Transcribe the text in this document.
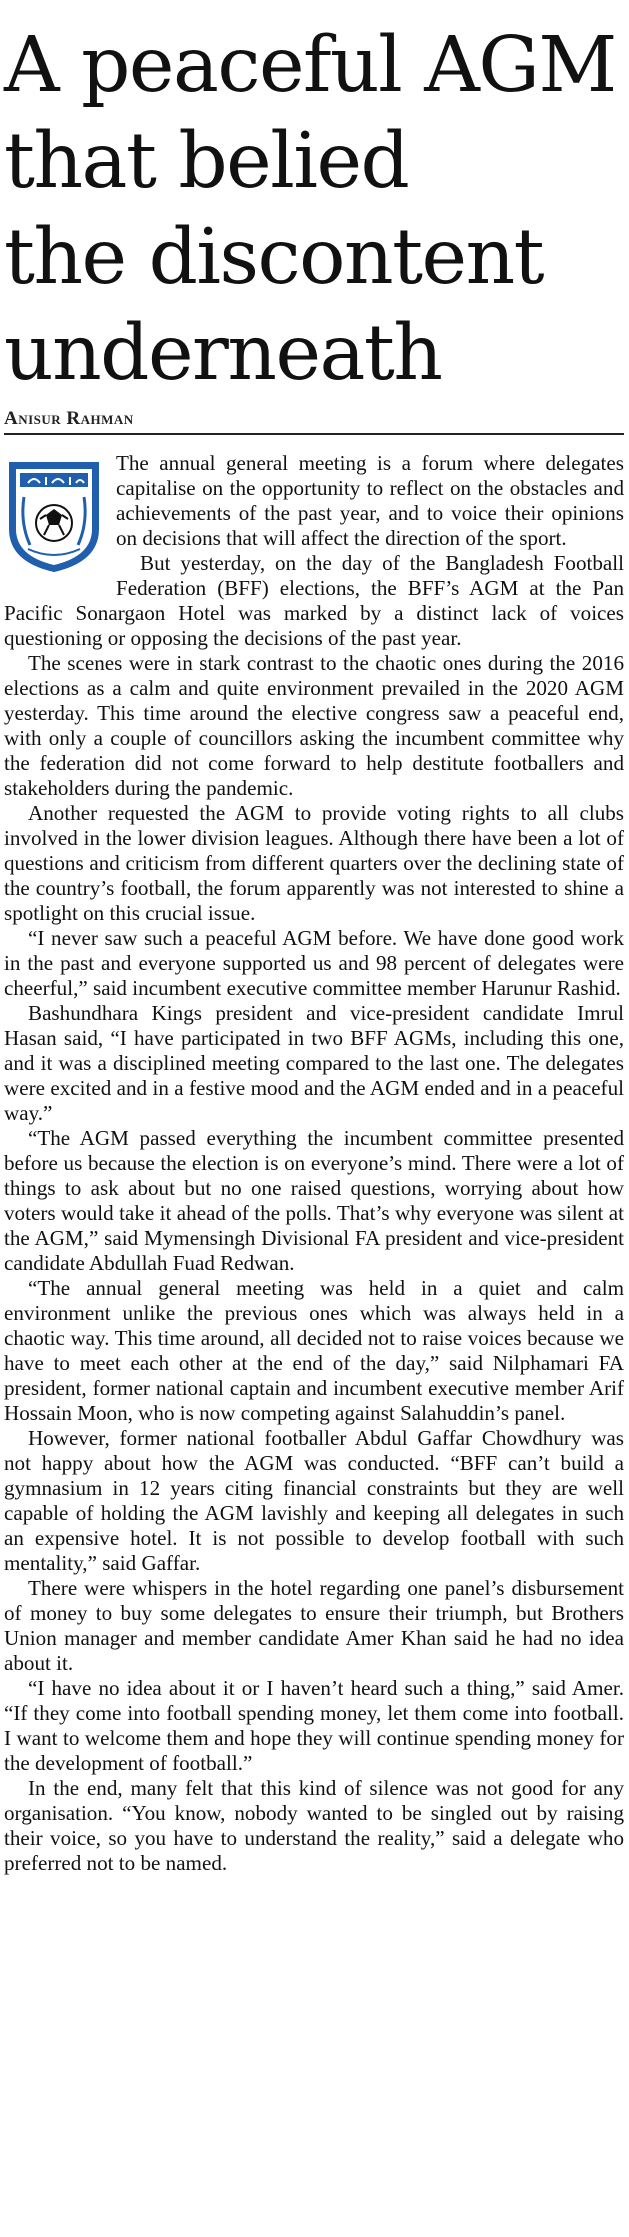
A peaceful AGM
that belied
the discontent
underneath
Anisur Rahman

The annual general meeting is a forum where delegates capitalise on the opportunity to reflect on the obstacles and achievements of the past year, and to voice their opinions on decisions that will affect the direction of the sport.

But yesterday, on the day of the Bangladesh Football Federation (BFF) elections, the BFF’s AGM at the Pan Pacific Sonargaon Hotel was marked by a distinct lack of voices questioning or opposing the decisions of the past year.

The scenes were in stark contrast to the chaotic ones during the 2016 elections as a calm and quite environment prevailed in the 2020 AGM yesterday. This time around the elective congress saw a peaceful end, with only a couple of councillors asking the incumbent committee why the federation did not come forward to help destitute footballers and stakeholders during the pandemic.

Another requested the AGM to provide voting rights to all clubs involved in the lower division leagues. Although there have been a lot of questions and criticism from different quarters over the declining state of the country’s football, the forum apparently was not interested to shine a spotlight on this crucial issue.

“I never saw such a peaceful AGM before. We have done good work in the past and everyone supported us and 98 percent of delegates were cheerful,” said incumbent executive committee member Harunur Rashid.

Bashundhara Kings president and vice-president candidate Imrul Hasan said, “I have participated in two BFF AGMs, including this one, and it was a disciplined meeting compared to the last one. The delegates were excited and in a festive mood and the AGM ended and in a peaceful way.”

“The AGM passed everything the incumbent committee presented before us because the election is on everyone’s mind. There were a lot of things to ask about but no one raised questions, worrying about how voters would take it ahead of the polls. That’s why everyone was silent at the AGM,” said Mymensingh Divisional FA president and vice-president candidate Abdullah Fuad Redwan.

“The annual general meeting was held in a quiet and calm environment unlike the previous ones which was always held in a chaotic way. This time around, all decided not to raise voices because we have to meet each other at the end of the day,” said Nilphamari FA president, former national captain and incumbent executive member Arif Hossain Moon, who is now competing against Salahuddin’s panel.

However, former national footballer Abdul Gaffar Chowdhury was not happy about how the AGM was conducted. “BFF can’t build a gymnasium in 12 years citing financial constraints but they are well capable of holding the AGM lavishly and keeping all delegates in such an expensive hotel. It is not possible to develop football with such mentality,” said Gaffar.

There were whispers in the hotel regarding one panel’s disbursement of money to buy some delegates to ensure their triumph, but Brothers Union manager and member candidate Amer Khan said he had no idea about it.

“I have no idea about it or I haven’t heard such a thing,” said Amer. “If they come into football spending money, let them come into football. I want to welcome them and hope they will continue spending money for the development of football.”

In the end, many felt that this kind of silence was not good for any organisation. “You know, nobody wanted to be singled out by raising their voice, so you have to understand the reality,” said a delegate who preferred not to be named.
